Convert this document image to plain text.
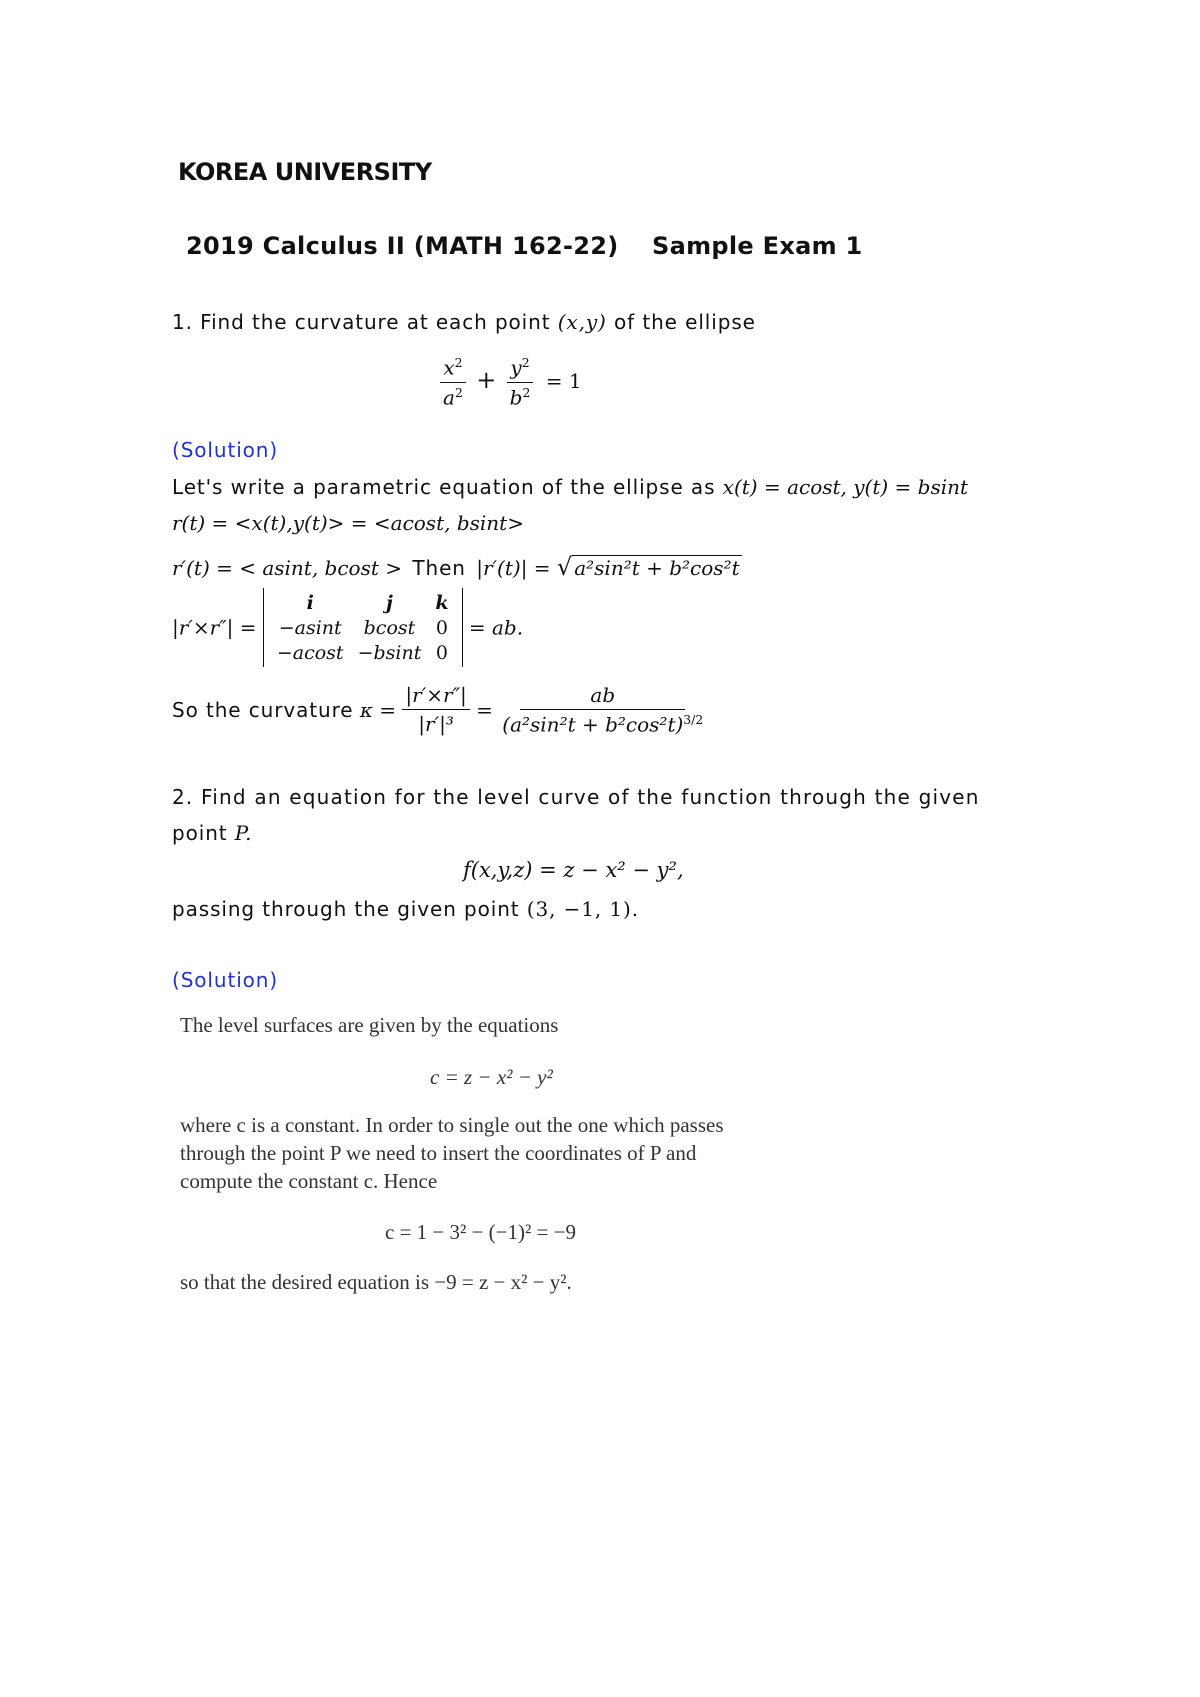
KOREA UNIVERSITY
2019 Calculus II (MATH 162-22) Sample Exam 1
1. Find the curvature at each point (x,y) of the ellipse
$\frac{x^2}{a^2} + \frac{y^2}{b^2} = 1$
(Solution)
Let's write a parametric equation of the ellipse as x(t) = acost, y(t) = bsint
r(t) = <x(t),y(t)> = <acost, bsint>
r′(t) = < asint, bcost > Then |r′(t)| = √ a²sin²t + b²cos²t
|r′×r″| =
i	j	k
−asint	bcost	0
−acost	−bsint	0
= ab.
So the curvature $\kappa = \frac{|r'\times r''|}{\text{|r′|³}} = \frac{ab}{(a^2\sin^2t + b^2\cos^2t)^{3/2}}$
2. Find an equation for the level curve of the function through the given
point P.
f(x,y,z) = z − x² − y²,
passing through the given point (3, −1, 1).
(Solution)
The level surfaces are given by the equations
c = z − x² − y²
where c is a constant. In order to single out the one which passes
through the point P we need to insert the coordinates of P and
compute the constant c. Hence
c = 1 − 3² − (−1)² = −9
so that the desired equation is −9 = z − x² − y².
